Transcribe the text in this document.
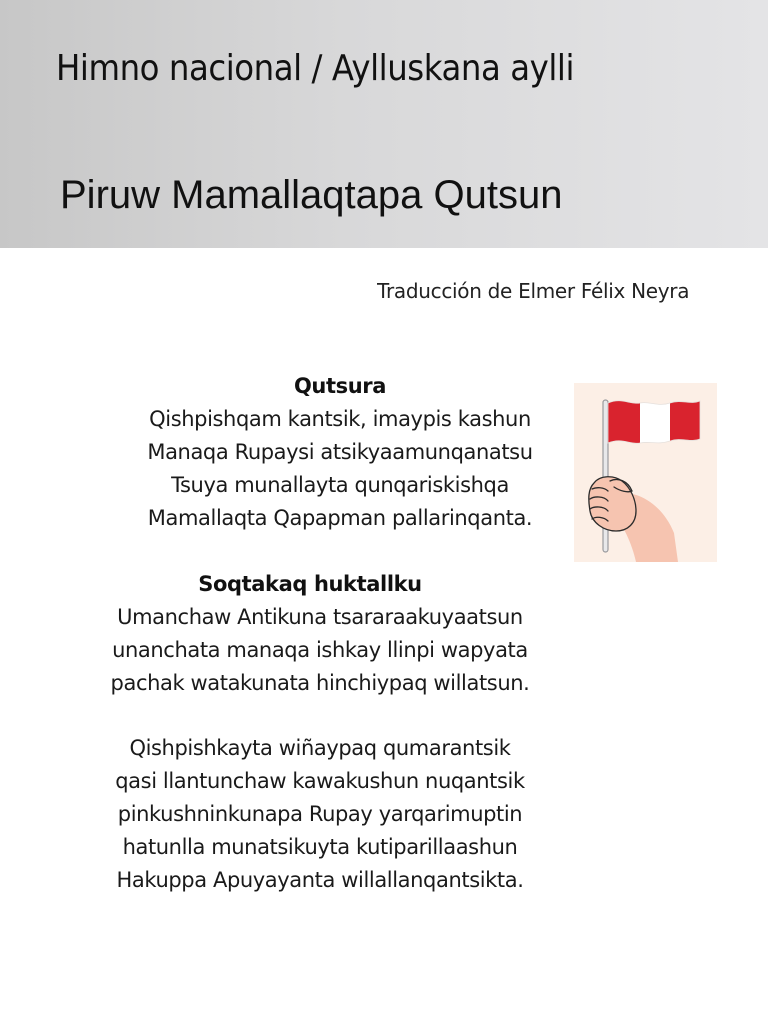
Himno nacional / Aylluskana aylli
Piruw Mamallaqtapa Qutsun
Traducción de Elmer Félix Neyra
Qutsura
Qishpishqam kantsik, imaypis kashun
Manaqa Rupaysi atsikyaamunqanatsu
Tsuya munallayta qunqariskishqa
Mamallaqta Qapapman pallarinqanta.
Soqtakaq huktallku
Umanchaw Antikuna tsararaakuyaatsun
unanchata manaqa ishkay llinpi wapyata
pachak watakunata hinchiypaq willatsun.
Qishpishkayta wiñaypaq qumarantsik
qasi llantunchaw kawakushun nuqantsik
pinkushninkunapa Rupay yarqarimuptin
hatunlla munatsikuyta kutiparillaashun
Hakuppa Apuyayanta willallanqantsikta.
